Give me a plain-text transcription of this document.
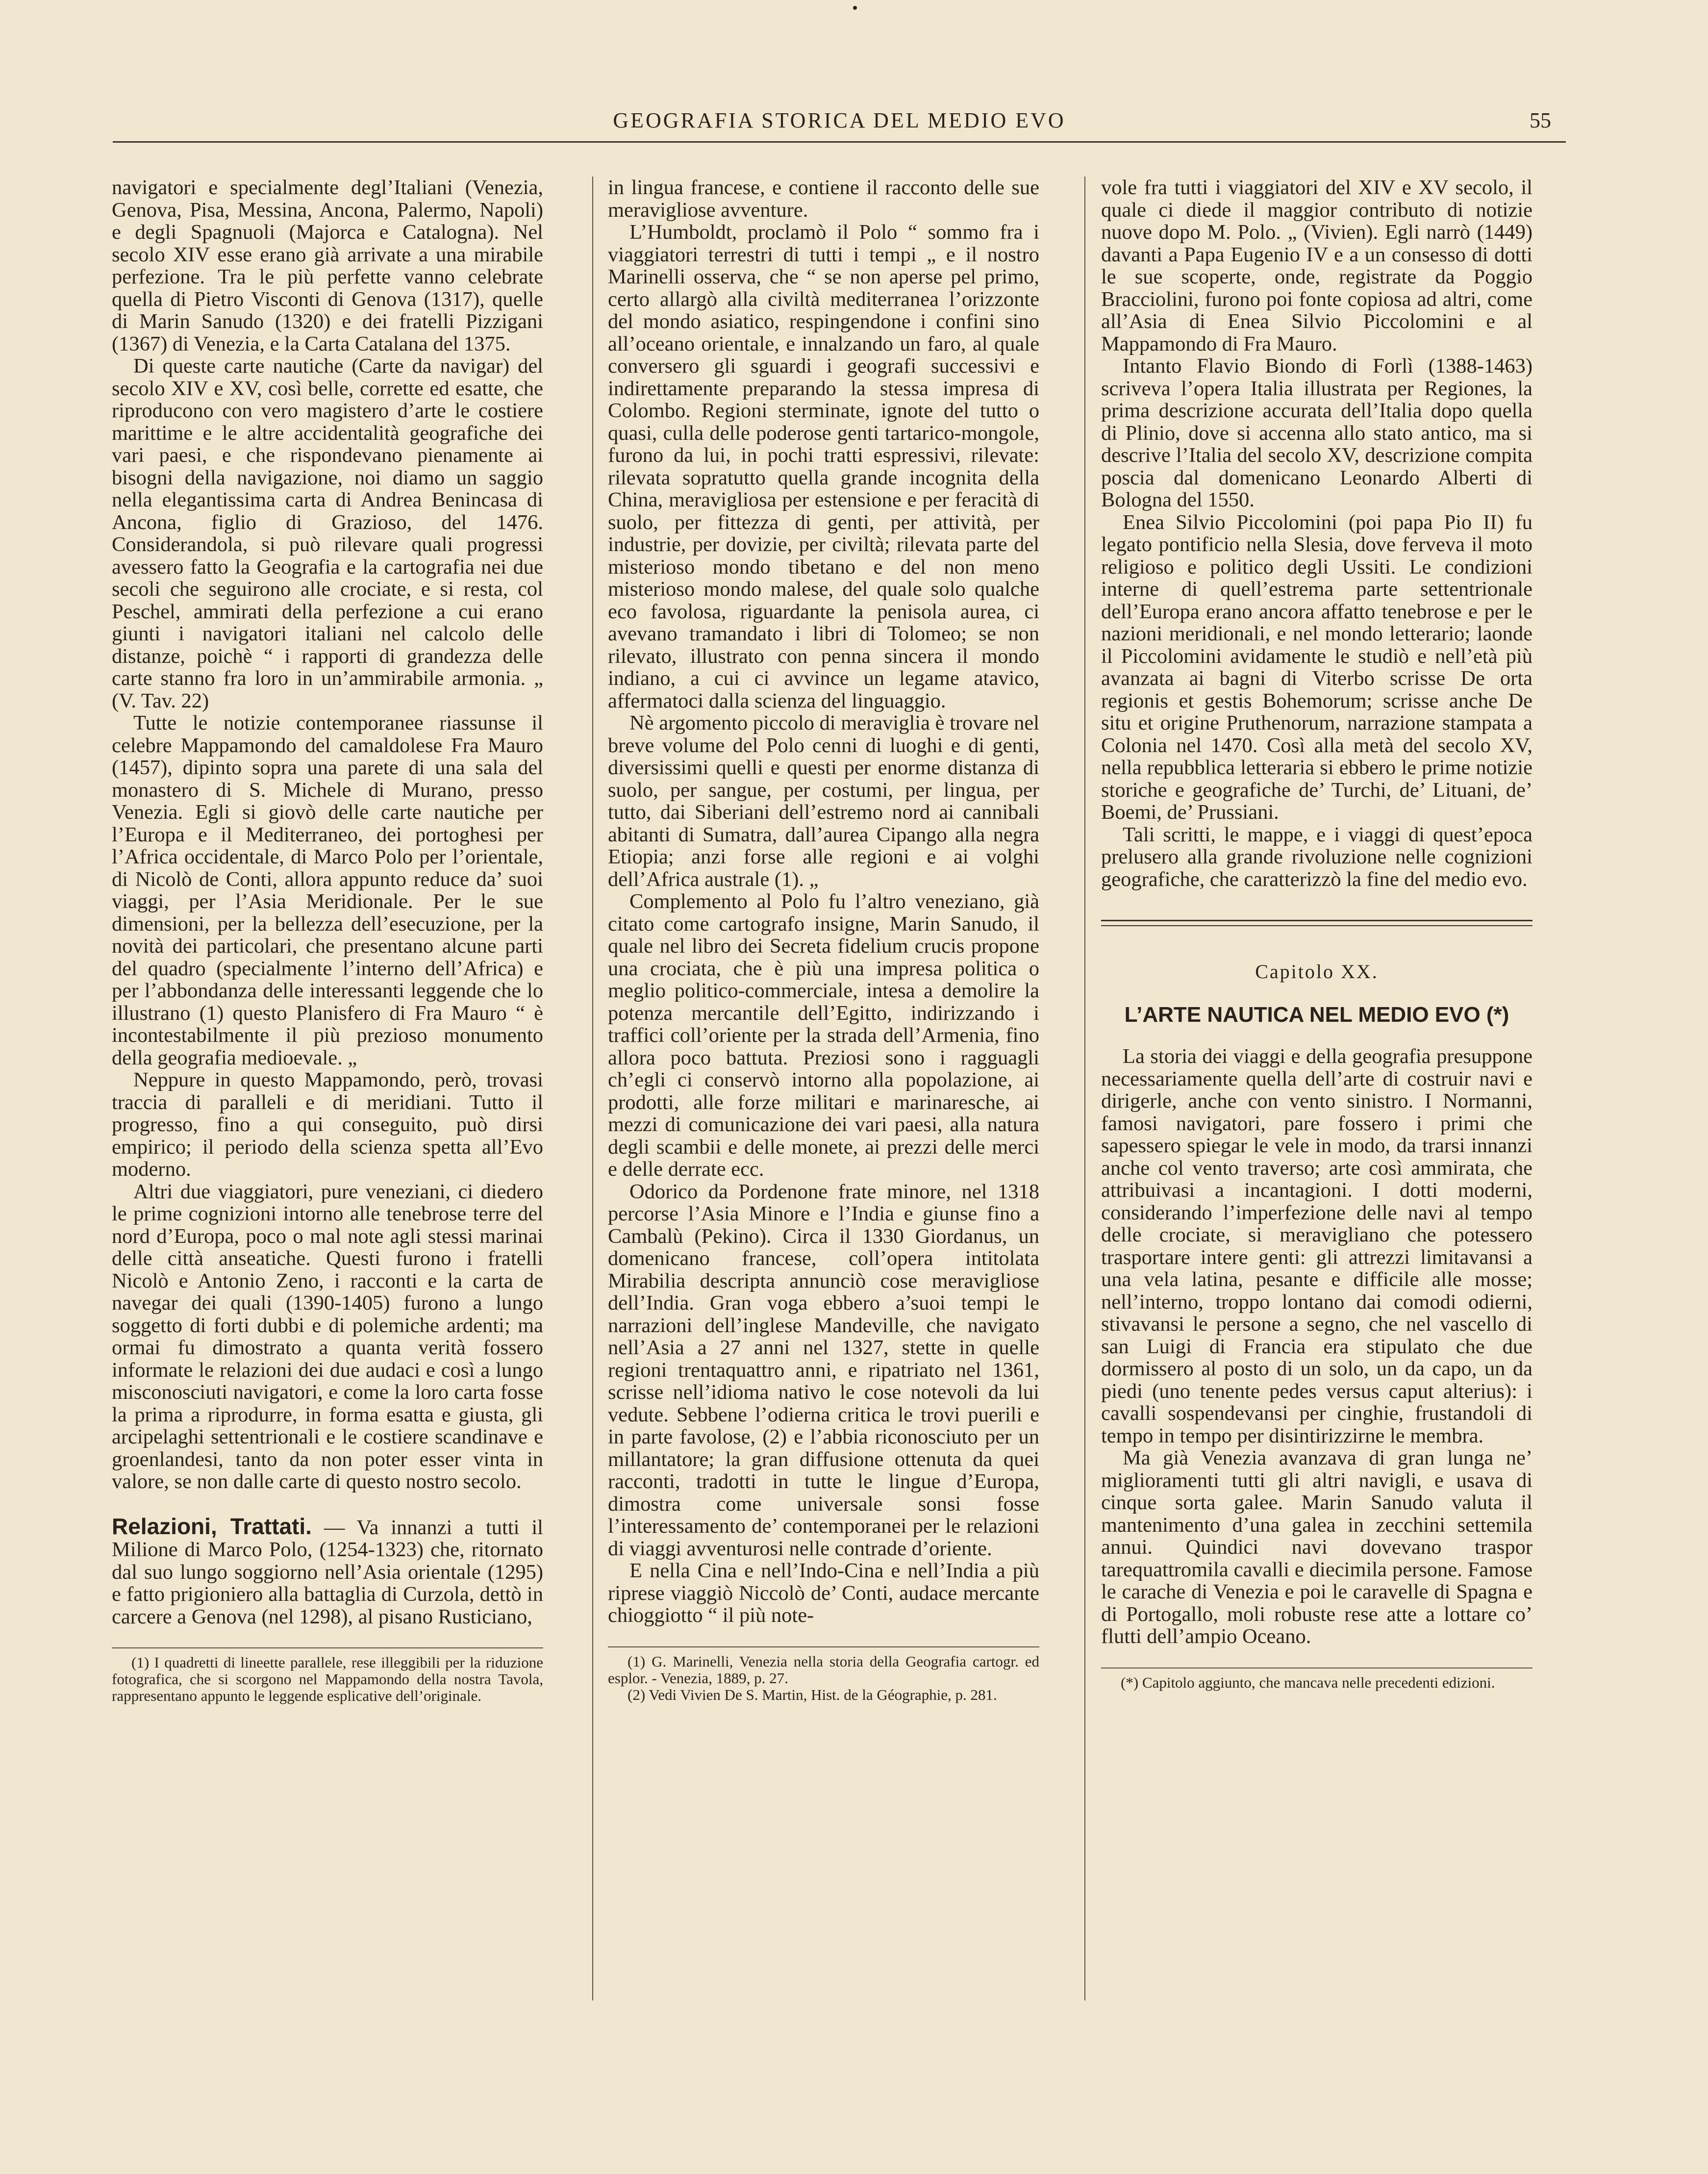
GEOGRAFIA STORICA DEL MEDIO EVO	55

navigatori e specialmente degl’Italiani (Venezia, Genova, Pisa, Messina, Ancona, Palermo, Napoli) e degli Spagnuoli (Majorca e Catalogna). Nel secolo XIV esse erano già arrivate a una mirabile perfezione. Tra le più perfette vanno celebrate quella di Pietro Visconti di Genova (1317), quelle di Marin Sanudo (1320) e dei fratelli Pizzigani (1367) di Venezia, e la Carta Catalana del 1375.

Di queste carte nautiche (Carte da navigar) del secolo XIV e XV, così belle, corrette ed esatte, che riproducono con vero magistero d’arte le costiere marittime e le altre accidentalità geografiche dei vari paesi, e che rispondevano pienamente ai bisogni della navigazione, noi diamo un saggio nella elegantissima carta di Andrea Benincasa di Ancona, figlio di Grazioso, del 1476. Considerandola, si può rilevare quali progressi avessero fatto la Geografia e la cartografia nei due secoli che seguirono alle crociate, e si resta, col Peschel, ammirati della perfezione a cui erano giunti i navigatori italiani nel calcolo delle distanze, poichè “ i rapporti di grandezza delle carte stanno fra loro in un’ammirabile armonia. „ (V. Tav. 22)

Tutte le notizie contemporanee riassunse il celebre Mappamondo del camaldolese Fra Mauro (1457), dipinto sopra una parete di una sala del monastero di S. Michele di Murano, presso Venezia. Egli si giovò delle carte nautiche per l’Europa e il Mediterraneo, dei portoghesi per l’Africa occidentale, di Marco Polo per l’orientale, di Nicolò de Conti, allora appunto reduce da’ suoi viaggi, per l’Asia Meridionale. Per le sue dimensioni, per la bellezza dell’esecuzione, per la novità dei particolari, che presentano alcune parti del quadro (specialmente l’interno dell’Africa) e per l’abbondanza delle interessanti leggende che lo illustrano (1) questo Planisfero di Fra Mauro “ è incontestabilmente il più prezioso monumento della geografia medioevale. „

Neppure in questo Mappamondo, però, trovasi traccia di paralleli e di meridiani. Tutto il progresso, fino a qui conseguito, può dirsi empirico; il periodo della scienza spetta all’Evo moderno.

Altri due viaggiatori, pure veneziani, ci diedero le prime cognizioni intorno alle tenebrose terre del nord d’Europa, poco o mal note agli stessi marinai delle città anseatiche. Questi furono i fratelli Nicolò e Antonio Zeno, i racconti e la carta de navegar dei quali (1390-1405) furono a lungo soggetto di forti dubbi e di polemiche ardenti; ma ormai fu dimostrato a quanta verità fossero informate le relazioni dei due audaci e così a lungo misconosciuti navigatori, e come la loro carta fosse la prima a riprodurre, in forma esatta e giusta, gli arcipelaghi settentrionali e le costiere scandinave e groenlandesi, tanto da non poter esser vinta in valore, se non dalle carte di questo nostro secolo.

Relazioni, Trattati. — Va innanzi a tutti il Milione di Marco Polo, (1254-1323) che, ritornato dal suo lungo soggiorno nell’Asia orientale (1295) e fatto prigioniero alla battaglia di Curzola, dettò in carcere a Genova (nel 1298), al pisano Rusticiano,

(1) I quadretti di lineette parallele, rese illeggibili per la riduzione fotografica, che si scorgono nel Mappamondo della nostra Tavola, rappresentano appunto le leggende esplicative dell’originale.

in lingua francese, e contiene il racconto delle sue meravigliose avventure.

L’Humboldt, proclamò il Polo “ sommo fra i viaggiatori terrestri di tutti i tempi „ e il nostro Marinelli osserva, che “ se non aperse pel primo, certo allargò alla civiltà mediterranea l’orizzonte del mondo asiatico, respingendone i confini sino all’oceano orientale, e innalzando un faro, al quale conversero gli sguardi i geografi successivi e indirettamente preparando la stessa impresa di Colombo. Regioni sterminate, ignote del tutto o quasi, culla delle poderose genti tartarico-mongole, furono da lui, in pochi tratti espressivi, rilevate: rilevata sopratutto quella grande incognita della China, meravigliosa per estensione e per feracità di suolo, per fittezza di genti, per attività, per industrie, per dovizie, per civiltà; rilevata parte del misterioso mondo tibetano e del non meno misterioso mondo malese, del quale solo qualche eco favolosa, riguardante la penisola aurea, ci avevano tramandato i libri di Tolomeo; se non rilevato, illustrato con penna sincera il mondo indiano, a cui ci avvince un legame atavico, affermatoci dalla scienza del linguaggio.

Nè argomento piccolo di meraviglia è trovare nel breve volume del Polo cenni di luoghi e di genti, diversissimi quelli e questi per enorme distanza di suolo, per sangue, per costumi, per lingua, per tutto, dai Siberiani dell’estremo nord ai cannibali abitanti di Sumatra, dall’aurea Cipango alla negra Etiopia; anzi forse alle regioni e ai volghi dell’Africa australe (1). „

Complemento al Polo fu l’altro veneziano, già citato come cartografo insigne, Marin Sanudo, il quale nel libro dei Secreta fidelium crucis propone una crociata, che è più una impresa politica o meglio politico-commerciale, intesa a demolire la potenza mercantile dell’Egitto, indirizzando i traffici coll’oriente per la strada dell’Armenia, fino allora poco battuta. Preziosi sono i ragguagli ch’egli ci conservò intorno alla popolazione, ai prodotti, alle forze militari e marinaresche, ai mezzi di comunicazione dei vari paesi, alla natura degli scambii e delle monete, ai prezzi delle merci e delle derrate ecc.

Odorico da Pordenone frate minore, nel 1318 percorse l’Asia Minore e l’India e giunse fino a Cambalù (Pekino). Circa il 1330 Giordanus, un domenicano francese, coll’opera intitolata Mirabilia descripta annunciò cose meravigliose dell’India. Gran voga ebbero a’suoi tempi le narrazioni dell’inglese Mandeville, che navigato nell’Asia a 27 anni nel 1327, stette in quelle regioni trentaquattro anni, e ripatriato nel 1361, scrisse nell’idioma nativo le cose notevoli da lui vedute. Sebbene l’odierna critica le trovi puerili e in parte favolose, (2) e l’abbia riconosciuto per un millantatore; la gran diffusione ottenuta da quei racconti, tradotti in tutte le lingue d’Europa, dimostra come universale sonsi fosse l’interessamento de’ contemporanei per le relazioni di viaggi avventurosi nelle contrade d’oriente.

E nella Cina e nell’Indo-Cina e nell’India a più riprese viaggiò Niccolò de’ Conti, audace mercante chioggiotto “ il più note-

(1) G. Marinelli, Venezia nella storia della Geografia cartogr. ed esplor. - Venezia, 1889, p. 27.

(2) Vedi Vivien De S. Martin, Hist. de la Géographie, p. 281.

vole fra tutti i viaggiatori del XIV e XV secolo, il quale ci diede il maggior contributo di notizie nuove dopo M. Polo. „ (Vivien). Egli narrò (1449) davanti a Papa Eugenio IV e a un consesso di dotti le sue scoperte, onde, registrate da Poggio Bracciolini, furono poi fonte copiosa ad altri, come all’Asia di Enea Silvio Piccolomini e al Mappamondo di Fra Mauro.

Intanto Flavio Biondo di Forlì (1388-1463) scriveva l’opera Italia illustrata per Regiones, la prima descrizione accurata dell’Italia dopo quella di Plinio, dove si accenna allo stato antico, ma si descrive l’Italia del secolo XV, descrizione compita poscia dal domenicano Leonardo Alberti di Bologna del 1550.

Enea Silvio Piccolomini (poi papa Pio II) fu legato pontificio nella Slesia, dove ferveva il moto religioso e politico degli Ussiti. Le condizioni interne di quell’estrema parte settentrionale dell’Europa erano ancora affatto tenebrose e per le nazioni meridionali, e nel mondo letterario; laonde il Piccolomini avidamente le studiò e nell’età più avanzata ai bagni di Viterbo scrisse De orta regionis et gestis Bohemorum; scrisse anche De situ et origine Pruthenorum, narrazione stampata a Colonia nel 1470. Così alla metà del secolo XV, nella repubblica letteraria si ebbero le prime notizie storiche e geografiche de’ Turchi, de’ Lituani, de’ Boemi, de’ Prussiani.

Tali scritti, le mappe, e i viaggi di quest’epoca prelusero alla grande rivoluzione nelle cognizioni geografiche, che caratterizzò la fine del medio evo.

Capitolo XX.
L’ARTE NAUTICA NEL MEDIO EVO (*)

La storia dei viaggi e della geografia presuppone necessariamente quella dell’arte di costruir navi e dirigerle, anche con vento sinistro. I Normanni, famosi navigatori, pare fossero i primi che sapessero spiegar le vele in modo, da trarsi innanzi anche col vento traverso; arte così ammirata, che attribuivasi a incantagioni. I dotti moderni, considerando l’imperfezione delle navi al tempo delle crociate, si meravigliano che potessero trasportare intere genti: gli attrezzi limitavansi a una vela latina, pesante e difficile alle mosse; nell’interno, troppo lontano dai comodi odierni, stivavansi le persone a segno, che nel vascello di san Luigi di Francia era stipulato che due dormissero al posto di un solo, un da capo, un da piedi (uno tenente pedes versus caput alterius): i cavalli sospendevansi per cinghie, frustandoli di tempo in tempo per disintirizzirne le membra.

Ma già Venezia avanzava di gran lunga ne’ miglioramenti tutti gli altri navigli, e usava di cinque sorta galee. Marin Sanudo valuta il mantenimento d’una galea in zecchini settemila annui. Quindici navi dovevano traspor tarequattromila cavalli e diecimila persone. Famose le carache di Venezia e poi le caravelle di Spagna e di Portogallo, moli robuste rese atte a lottare co’ flutti dell’ampio Oceano.

(*) Capitolo aggiunto, che mancava nelle precedenti edizioni.
